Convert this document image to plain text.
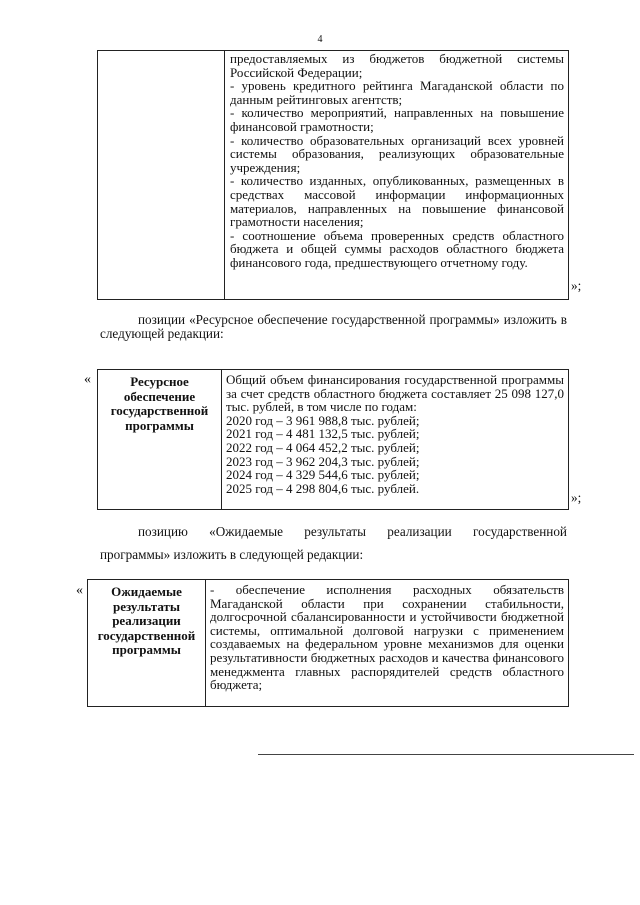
4

предоставляемых из бюджетов бюджетной системы Российской Федерации;

- уровень кредитного рейтинга Магаданской области по данным рейтинговых агентств;

- количество мероприятий, направленных на повышение финансовой грамотности;

- количество образовательных организаций всех уровней системы образования, реализующих образовательные учреждения;

- количество изданных, опубликованных, размещенных в средствах массовой информации информационных материалов, направленных на повышение финансовой грамотности населения;

- соотношение объема проверенных средств областного бюджета и общей суммы расходов областного бюджета финансового года, предшествующего отчетному году.

»;
позиции «Ресурсное обеспечение государственной программы» изложить в следующей редакции:
«	Ресурсное обеспечение государственной программы

Общий объем финансирования государственной программы за счет средств областного бюджета составляет 25 098 127,0 тыс. рублей, в том числе по годам:

2020 год – 3 961 988,8 тыс. рублей;

2021 год – 4 481 132,5 тыс. рублей;

2022 год – 4 064 452,2 тыс. рублей;

2023 год – 3 962 204,3 тыс. рублей;

2024 год – 4 329 544,6 тыс. рублей;

2025 год – 4 298 804,6 тыс. рублей.

»;
позицию «Ожидаемые результаты реализации государственной программы» изложить в следующей редакции:
«	Ожидаемые результаты реализации государственной программы

- обеспечение исполнения расходных обязательств Магаданской области при сохранении стабильности, долгосрочной сбалансированности и устойчивости бюджетной системы, оптимальной долговой нагрузки с применением создаваемых на федеральном уровне механизмов для оценки результативности бюджетных расходов и качества финансового менеджмента главных распорядителей средств областного бюджета;
